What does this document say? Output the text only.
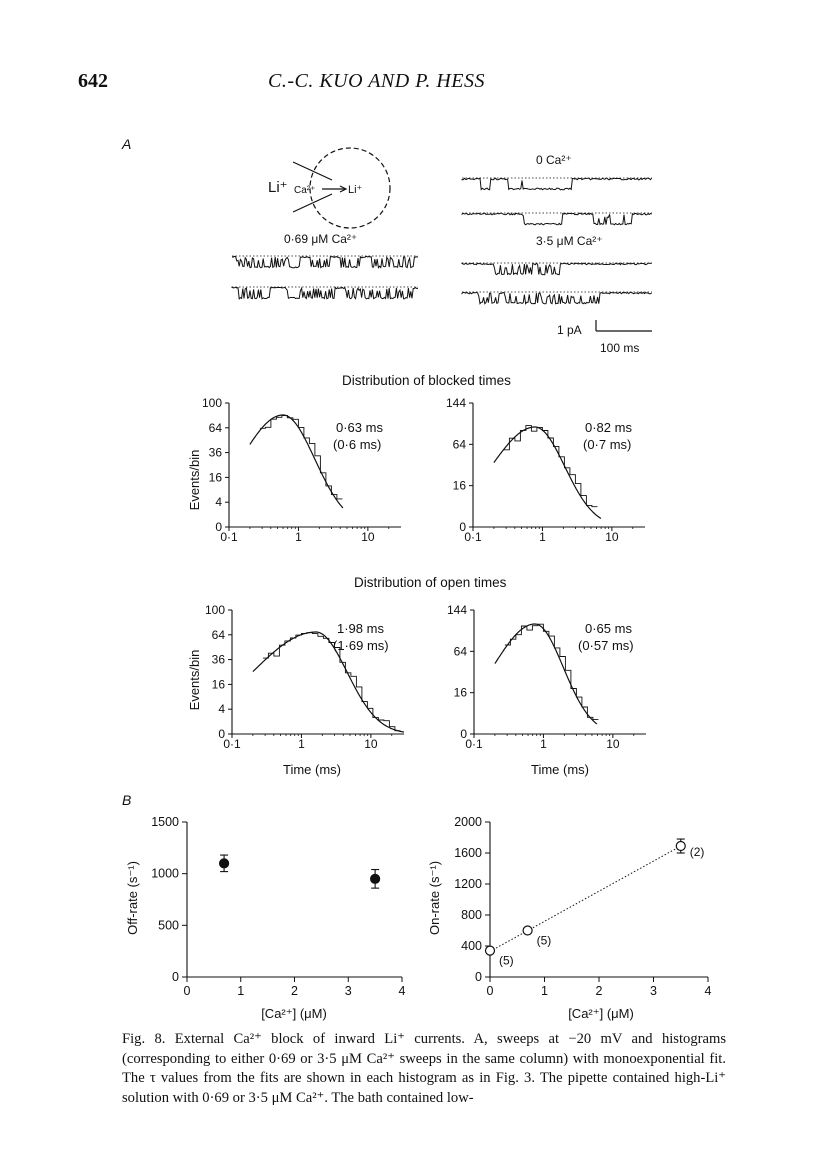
642	C.-C. KUO AND P. HESS
A
B
Li⁺ Ca²⁺	Li⁺
0·69 μM Ca²⁺
0 Ca²⁺
3·5 μM Ca²⁺
1 pA
100 ms
Distribution of blocked times
Distribution of open times
100
64
36
16
4
0
0·1	1	10
144
64
16
0
0·1	1	10
100
64
36
16
4
0
0·1	1	10
144
64
16
0
0·1	1	10
0·63 ms
(0·6 ms)
0·82 ms
(0·7 ms)
1·98 ms
(1·69 ms)
0·65 ms
(0·57 ms)
Events/bin
Events/bin
Time (ms)	Time (ms)
0
500
1000
1500
0	1	2	3	4
0
400
800
1200
1600
2000
0	1	2	3	4
(5)
(5)
(2)
Off-rate (s⁻¹)	On-rate (s⁻¹)
[Ca²⁺] (μM)	[Ca²⁺] (μM)
Fig. 8. External Ca²⁺ block of inward Li⁺ currents. A, sweeps at −20 mV and histograms (corresponding to either 0·69 or 3·5 μM Ca²⁺ sweeps in the same column) with monoexponential fit. The τ values from the fits are shown in each histogram as in Fig. 3. The pipette contained high-Li⁺ solution with 0·69 or 3·5 μM Ca²⁺. The bath contained low-
